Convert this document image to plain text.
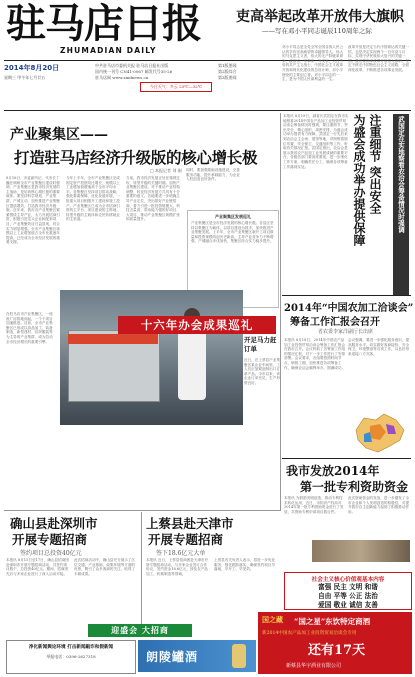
驻马店日报
ZHUMADIAN DAILY
2014年8月20日
星期三 甲午年七月廿五
中共驻马店市委机关报 驻马店日报社出版
国内统一刊号 CN41-0067 邮发代号35-26
驻马店网 www.zmdnews.cn
第1版要闻
第2版综合
第3版要闻
今日天气：多云 23℃—32℃
吏高举起改革开放伟大旗帜
——写在邓小平同志诞辰110周年之际
邓小平同志是全党全军全国各族人民公认的享有崇高威望的卓越领导人，伟大的马克思主义者，伟大的无产阶级革命家、政治家、军事家、外交家，久经考验的共产主义战士，中国社会主义改革开放和现代化建设的总设计师，邓小平理论的主要创立者。邓小平同志的一生，是为中国人民谋利益的一生。
改革开放是决定当代中国命运的关键一招，也是决定实现两个一百年奋斗目标、实现中华民族伟大复兴的关键一招。我们要高举改革开放伟大旗帜，坚定不移走中国特色社会主义道路，全面深化改革，不断推进各项事业发展。
产业聚集区——
打造驻马店经济升级版的核心增长极
□ 本报记者 刘 刚
8月16日，市委副书记、代市长丁巍在调研全市产业集聚区建设时强调，产业集聚区是我市经济发展的主战场，是培育核心增长极的重要载体。要坚持科学规划、产业集群、产城互动，加快推进产业集聚区提质增效，打造我市经济升级版。近年来，我市各产业集聚区紧紧围绕主导产业，大力开展招商引资，积极引进龙头企业和配套项目，产业集聚效应日益显现，综合实力明显增强。全市产业集聚区规模以上工业增加值占全市比重逐年提高，已经成为全市经济发展的重要支撑。
今年上半年，全市产业集聚区完成固定资产投资同比增长，规模以上工业增加值增速高于全市平均水平。各集聚区坚持项目带动战略，强化要素保障，优化发展环境，一批重大项目相继开工建设和竣工投产。产业集聚区已成为全市招商引资的主平台、项目建设的主阵地、转型升级的主载体和农民转移就业的主渠道。
当前，我市经济发展正处在爬坡过坎、转型升级的关键时期。加快产业集聚区建设，对于推动产业结构调整、转变经济发展方式具有十分重要的意义。各地要进一步明确主导产业定位，突出抓好产业链招商，着力引进一批投资规模大、科技含量高、带动能力强的好项目、大项目，推动产业集聚区规模扩张和质量提升。
同时，要加强基础设施建设，完善服务功能，提升承载能力，为企业入驻创造良好条件。
产业聚集区发展巡礼
产业集聚区是全市经济发展的核心增长极。各县区坚持以集聚区为载体，以项目建设为抓手，加快推进产业集聚发展。上半年，全市产业集聚区新开工项目数量和投资规模均创历史新高，主导产业竞争力不断增强，产城融合步伐加快，集聚区综合实力稳步提升。
十六年办会成果巡礼
开足马力赶订单
近日，在上蔡县产业集聚区某企业车间里，工人们正加紧赶制出口订单产品。今年以来，该企业订单充足，生产形势良好。
在驻马店市产业集聚区，一座座厂房拔地而起，一个个项目加速推进。目前，全市产业集聚区已形成以食品加工、装备制造、新型建材、纺织服装等为主导的产业集群，成为拉动全市经济增长的重要引擎。
注重细节 突出安全
为盛会成功举办提供保障	武国定在实地察看农洽会筹备情况时强调
本报讯 8月18日，副省长武国定在我市实地察看2014中国农产品加工业投资贸易洽谈会筹备情况时强调，要注重细节，突出安全，精心组织，周密安排，为盛会成功举办提供有力保障。武国定一行先后来到农洽会主会场、展馆等地，详细察看展位布置、安全保卫、交通组织等工作，听取有关情况汇报。武国定指出，农洽会是展示我省农产品加工业发展成就的重要平台，各级各部门要高度重视，进一步细化工作方案，明确责任分工，确保各项筹备工作落到实处。
2014年“中国农加工洽谈会”
筹备工作汇报会召开
省农委李家洋副厅长出席
本报讯 8月18日，2014年中国农产品加工业投资贸易洽谈会筹备工作汇报会在我市召开。会议听取了各筹备工作组的情况汇报，对下一步工作进行了安排部署。会议要求，各组要按照时间节点，倒排工期，加快推进各项筹备工作，确保农洽会顺利举办、圆满成功。
会议强调，要进一步强化服务意识，提高服务水平，切实做好客商接待、安全保卫、环境整治等各项工作，以良好形象迎接八方宾客。
我市发放2014年
第一批专利资助资金
本报讯 为鼓励发明创造，推动专利技术转化运用，近日，市知识产权局对2014年第一批专利资助资金进行了发放，共资助专利申请项目数百件。
此次资助资金的发放，进一步激发了全市企业和个人发明创造的积极性，对提升我市自主创新能力起到了积极推动作用。
社会主义核心价值观基本内容
富强 民主 文明 和谐
自由 平等 公正 法治
爱国 敬业 诚信 友善
确山县赴深圳市
开展专题招商
签约项目总投资40亿元
本报讯 8月15日至17日，确山县招商团赴深圳市开展专题招商活动，共签约项目数个，总投资40亿元。期间，招商团先后与多家企业进行了深入洽谈对接。
此次招商活动中，确山县充分展示了区位交通、产业基础、政策环境等方面的优势，吸引了众多客商的关注，取得了丰硕成果。
上蔡县赴天津市
开展专题招商
签下18.6亿元大单
本报讯 近日，上蔡县招商团赴天津市开展专题招商活动，与多家企业签订合作协议，签约资金18.6亿元，涉及农产品加工、机械制造等领域。
上蔡县有关负责人表示，将进一步优化服务，强化跟踪落实，确保签约项目早落地、早开工、早见效。
迎盛会 大招商
净化新闻舆论环境 打击新闻敲诈和假新闻
举报电话：0396-2627318	朗陵罐酒
国之藏 “国之星”东饮特定商酒
新2014中国农产品加工业投资贸易洽谈会专用
还有17天
新蔡县华宇酒业有限公司
